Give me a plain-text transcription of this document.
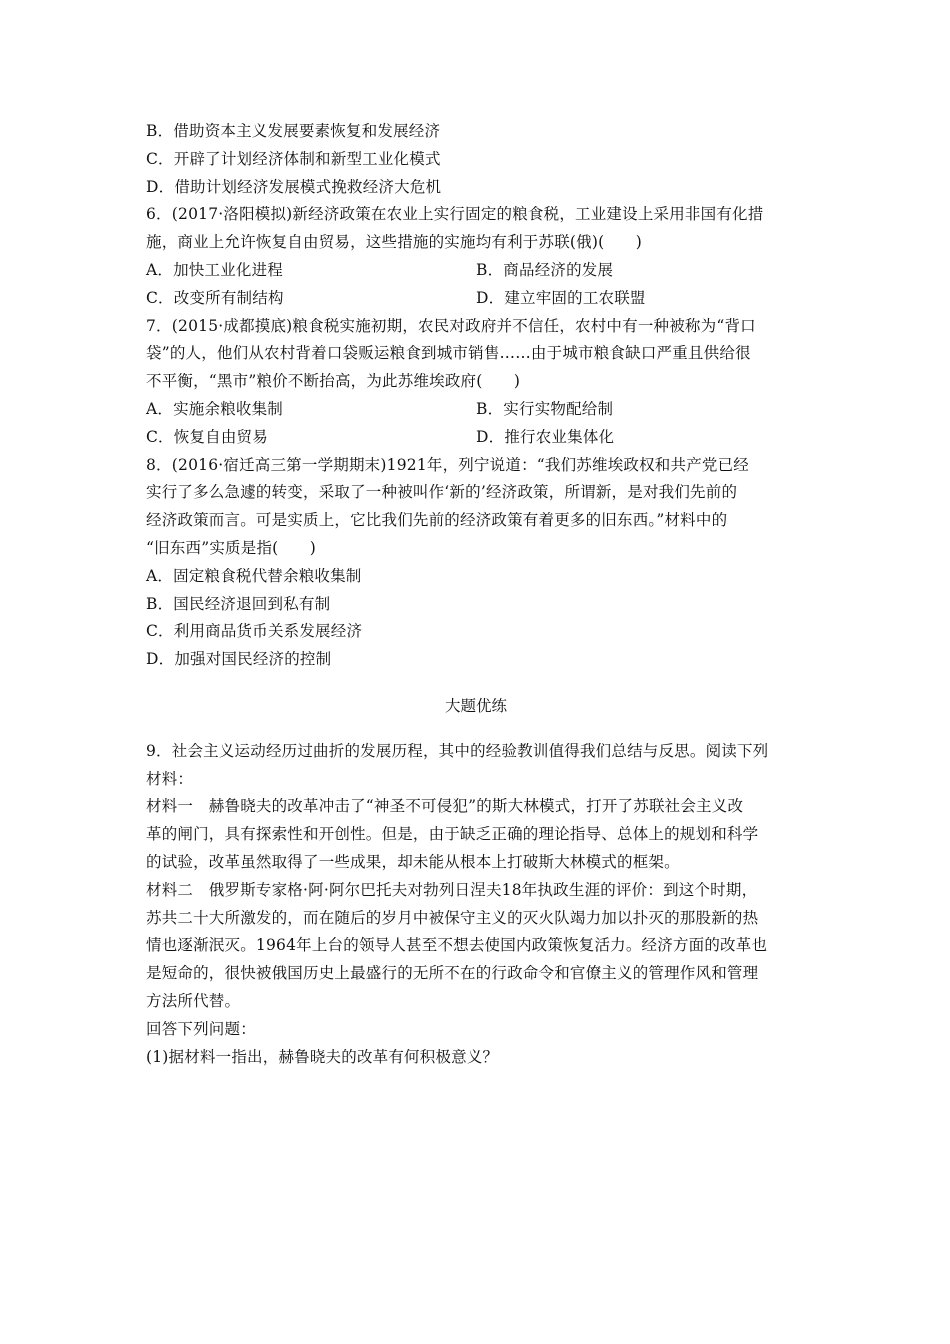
B．借助资本主义发展要素恢复和发展经济
C．开辟了计划经济体制和新型工业化模式
D．借助计划经济发展模式挽救经济大危机
6．(2017·洛阳模拟)新经济政策在农业上实行固定的粮食税，工业建设上采用非国有化措
施，商业上允许恢复自由贸易，这些措施的实施均有利于苏联(俄)(　　)
A．加快工业化进程	B．商品经济的发展
C．改变所有制结构	D．建立牢固的工农联盟
7．(2015·成都摸底)粮食税实施初期，农民对政府并不信任，农村中有一种被称为“背口
袋”的人，他们从农村背着口袋贩运粮食到城市销售……由于城市粮食缺口严重且供给很
不平衡，“黑市”粮价不断抬高，为此苏维埃政府(　　)
A．实施余粮收集制	B．实行实物配给制
C．恢复自由贸易	D．推行农业集体化
8．(2016·宿迁高三第一学期期末)1921年，列宁说道：“我们苏维埃政权和共产党已经
实行了多么急遽的转变，采取了一种被叫作‘新的’经济政策，所谓新，是对我们先前的
经济政策而言。可是实质上，它比我们先前的经济政策有着更多的旧东西。”材料中的
“旧东西”实质是指(　　)
A．固定粮食税代替余粮收集制
B．国民经济退回到私有制
C．利用商品货币关系发展经济
D．加强对国民经济的控制
大题优练
9．社会主义运动经历过曲折的发展历程，其中的经验教训值得我们总结与反思。阅读下列
材料：
材料一　赫鲁晓夫的改革冲击了“神圣不可侵犯”的斯大林模式，打开了苏联社会主义改
革的闸门，具有探索性和开创性。但是，由于缺乏正确的理论指导、总体上的规划和科学
的试验，改革虽然取得了一些成果，却未能从根本上打破斯大林模式的框架。
材料二　俄罗斯专家格·阿·阿尔巴托夫对勃列日涅夫18年执政生涯的评价：到这个时期，
苏共二十大所激发的，而在随后的岁月中被保守主义的灭火队竭力加以扑灭的那股新的热
情也逐渐泯灭。1964年上台的领导人甚至不想去使国内政策恢复活力。经济方面的改革也
是短命的，很快被俄国历史上最盛行的无所不在的行政命令和官僚主义的管理作风和管理
方法所代替。
回答下列问题：
(1)据材料一指出，赫鲁晓夫的改革有何积极意义？
